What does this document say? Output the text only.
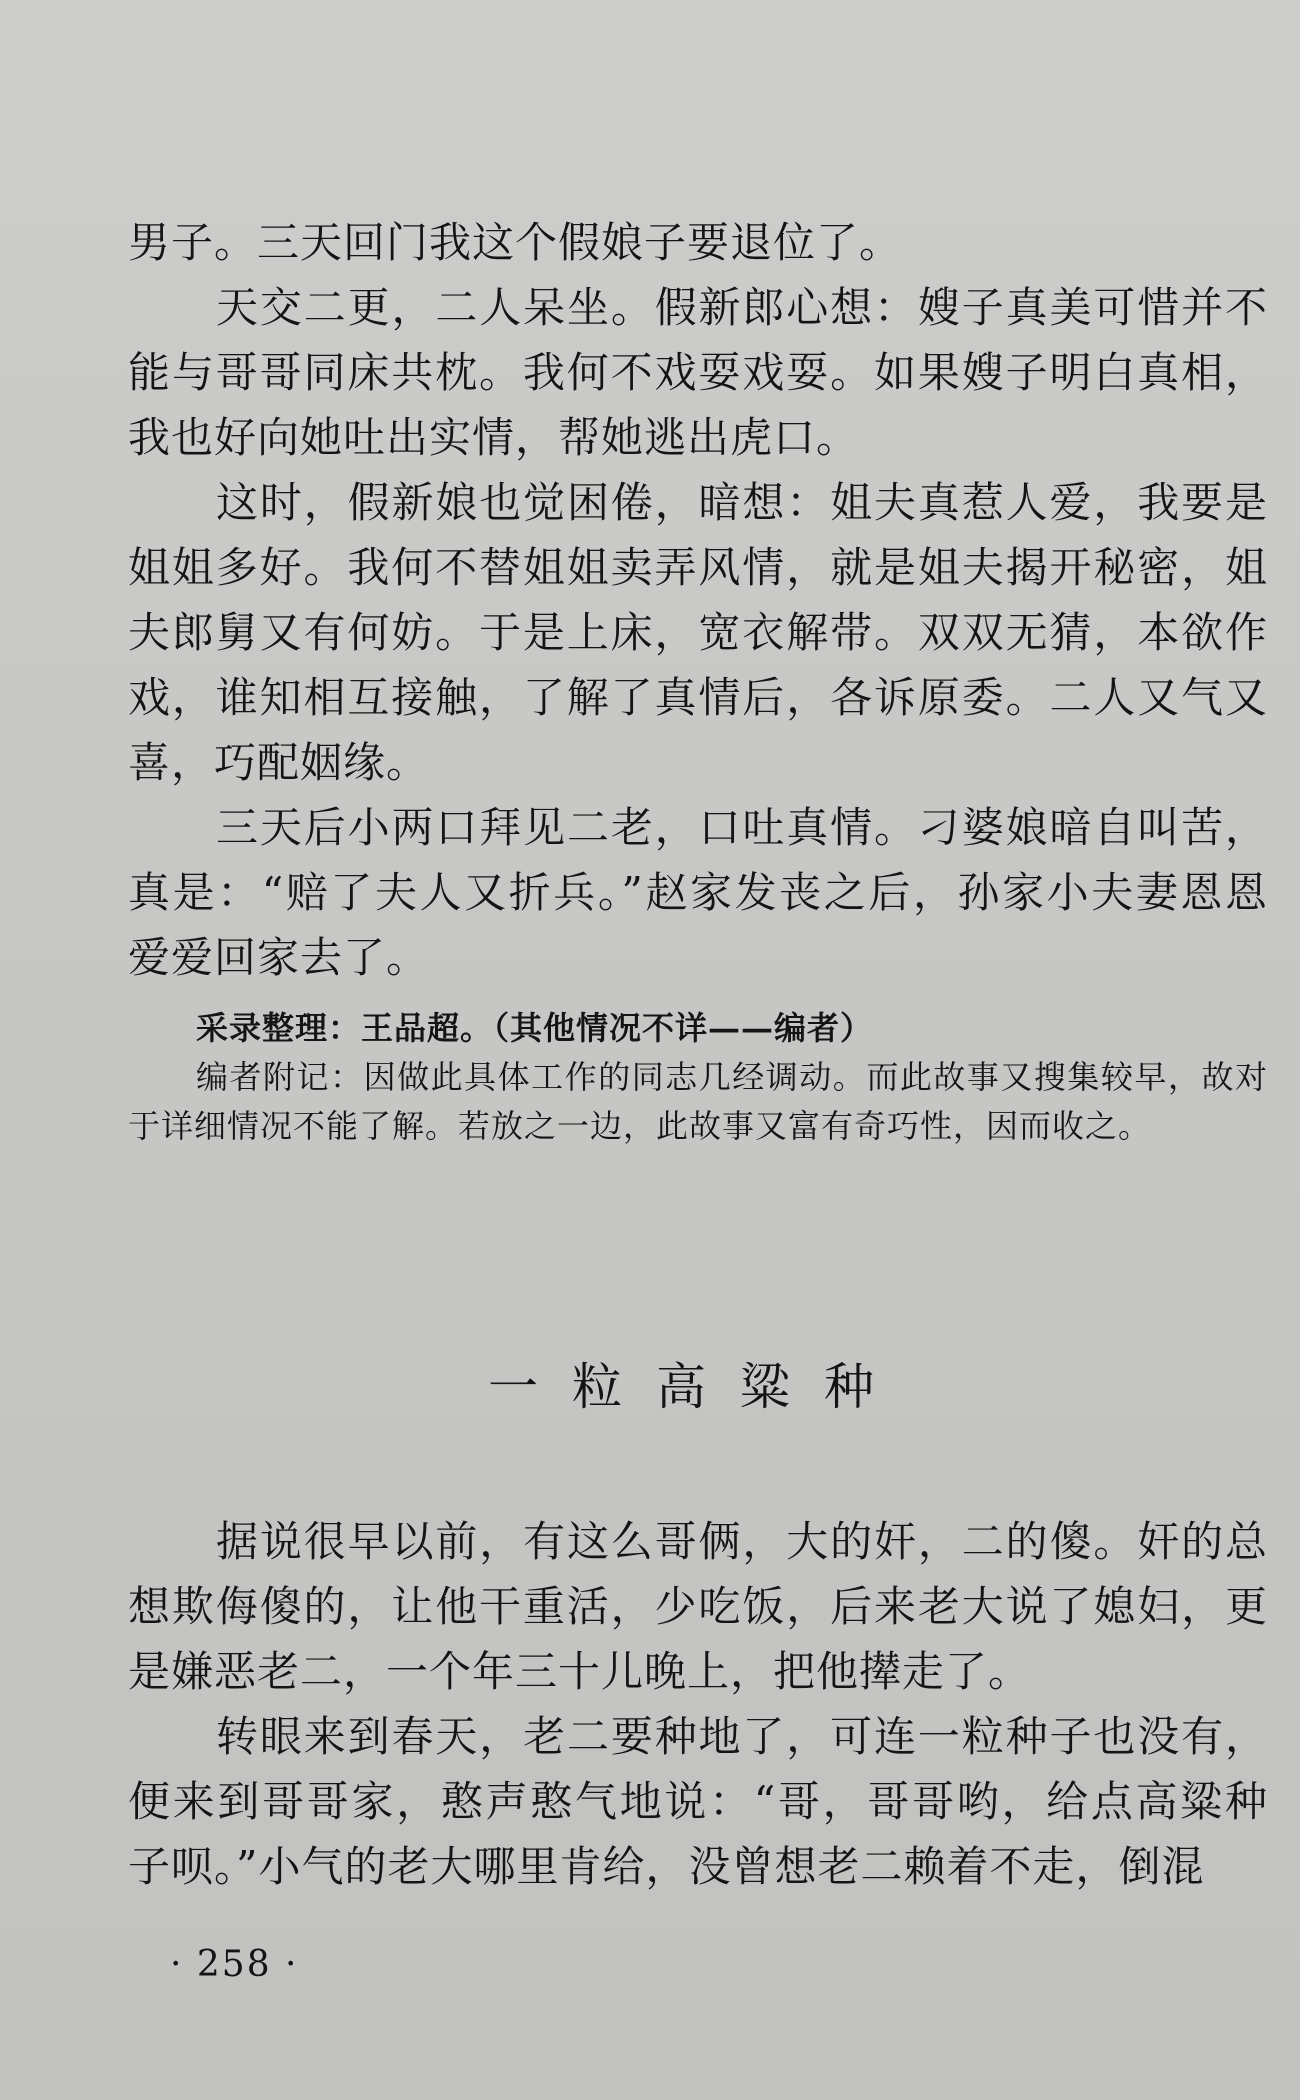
男子。三天回门我这个假娘子要退位了。

天交二更，二人呆坐。假新郎心想：嫂子真美可惜并不能与哥哥同床共枕。我何不戏耍戏耍。如果嫂子明白真相，我也好向她吐出实情，帮她逃出虎口。

这时，假新娘也觉困倦，暗想：姐夫真惹人爱，我要是姐姐多好。我何不替姐姐卖弄风情，就是姐夫揭开秘密，姐夫郎舅又有何妨。于是上床，宽衣解带。双双无猜，本欲作戏，谁知相互接触，了解了真情后，各诉原委。二人又气又喜，巧配姻缘。

三天后小两口拜见二老，口吐真情。刁婆娘暗自叫苦，真是：“赔了夫人又折兵。”赵家发丧之后，孙家小夫妻恩恩爱爱回家去了。

采录整理：王品超。（其他情况不详——编者）

编者附记：因做此具体工作的同志几经调动。而此故事又搜集较早，故对于详细情况不能了解。若放之一边，此故事又富有奇巧性，因而收之。

一粒高粱种

据说很早以前，有这么哥俩，大的奸，二的傻。奸的总想欺侮傻的，让他干重活，少吃饭，后来老大说了媳妇，更是嫌恶老二，一个年三十儿晚上，把他撵走了。

转眼来到春天，老二要种地了，可连一粒种子也没有，便来到哥哥家，憨声憨气地说：“哥，哥哥哟，给点高粱种子呗。”小气的老大哪里肯给，没曾想老二赖着不走，倒混

· 258 ·
